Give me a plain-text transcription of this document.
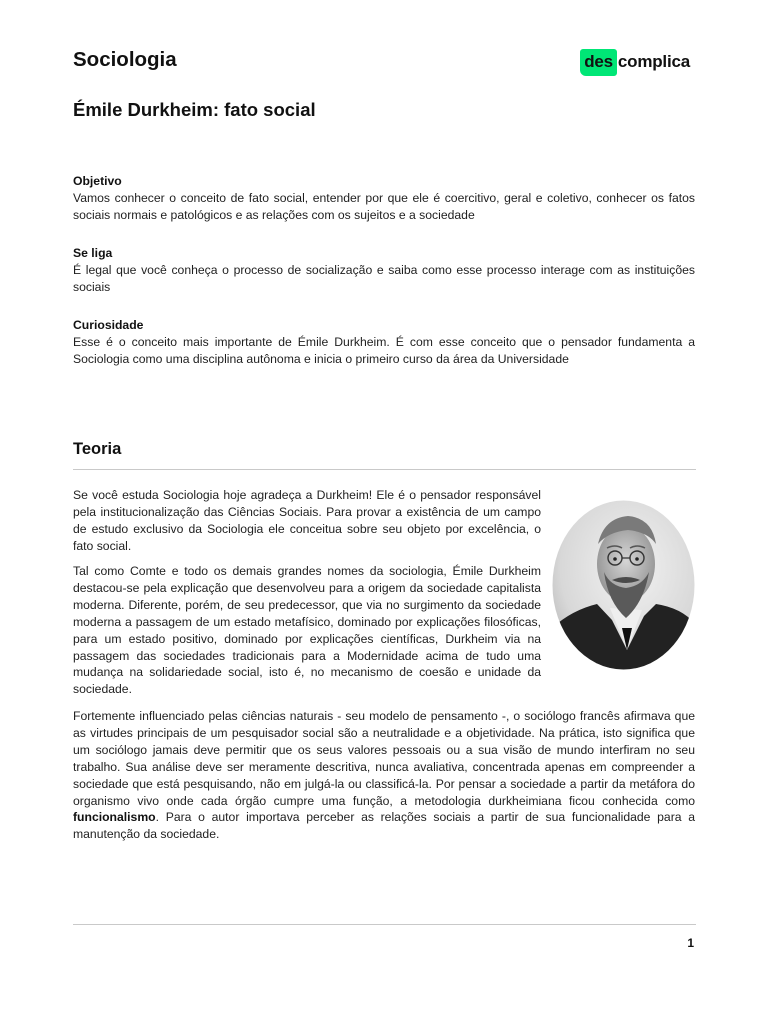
Sociologia	des complica
Émile Durkheim: fato social
Objetivo

Vamos conhecer o conceito de fato social, entender por que ele é coercitivo, geral e coletivo, conhecer os fatos sociais normais e patológicos e as relações com os sujeitos e a sociedade

Se liga

É legal que você conheça o processo de socialização e saiba como esse processo interage com as instituições sociais

Curiosidade

Esse é o conceito mais importante de Émile Durkheim. É com esse conceito que o pensador fundamenta a Sociologia como uma disciplina autônoma e inicia o primeiro curso da área da Universidade

Teoria

Se você estuda Sociologia hoje agradeça a Durkheim! Ele é o pensador responsável pela institucionalização das Ciências Sociais. Para provar a existência de um campo de estudo exclusivo da Sociologia ele conceitua sobre seu objeto por excelência, o fato social.

Tal como Comte e todo os demais grandes nomes da sociologia, Émile Durkheim destacou-se pela explicação que desenvolveu para a origem da sociedade capitalista moderna. Diferente, porém, de seu predecessor, que via no surgimento da sociedade moderna a passagem de um estado metafísico, dominado por explicações filosóficas, para um estado positivo, dominado por explicações científicas, Durkheim via na passagem das sociedades tradicionais para a Modernidade acima de tudo uma mudança na solidariedade social, isto é, no mecanismo de coesão e unidade da sociedade.

Fortemente influenciado pelas ciências naturais - seu modelo de pensamento -, o sociólogo francês afirmava que as virtudes principais de um pesquisador social são a neutralidade e a objetividade. Na prática, isto significa que um sociólogo jamais deve permitir que os seus valores pessoais ou a sua visão de mundo interfiram no seu trabalho. Sua análise deve ser meramente descritiva, nunca avaliativa, concentrada apenas em compreender a sociedade que está pesquisando, não em julgá-la ou classificá-la. Por pensar a sociedade a partir da metáfora do organismo vivo onde cada órgão cumpre uma função, a metodologia durkheimiana ficou conhecida como funcionalismo. Para o autor importava perceber as relações sociais a partir de sua funcionalidade para a manutenção da sociedade.

1
